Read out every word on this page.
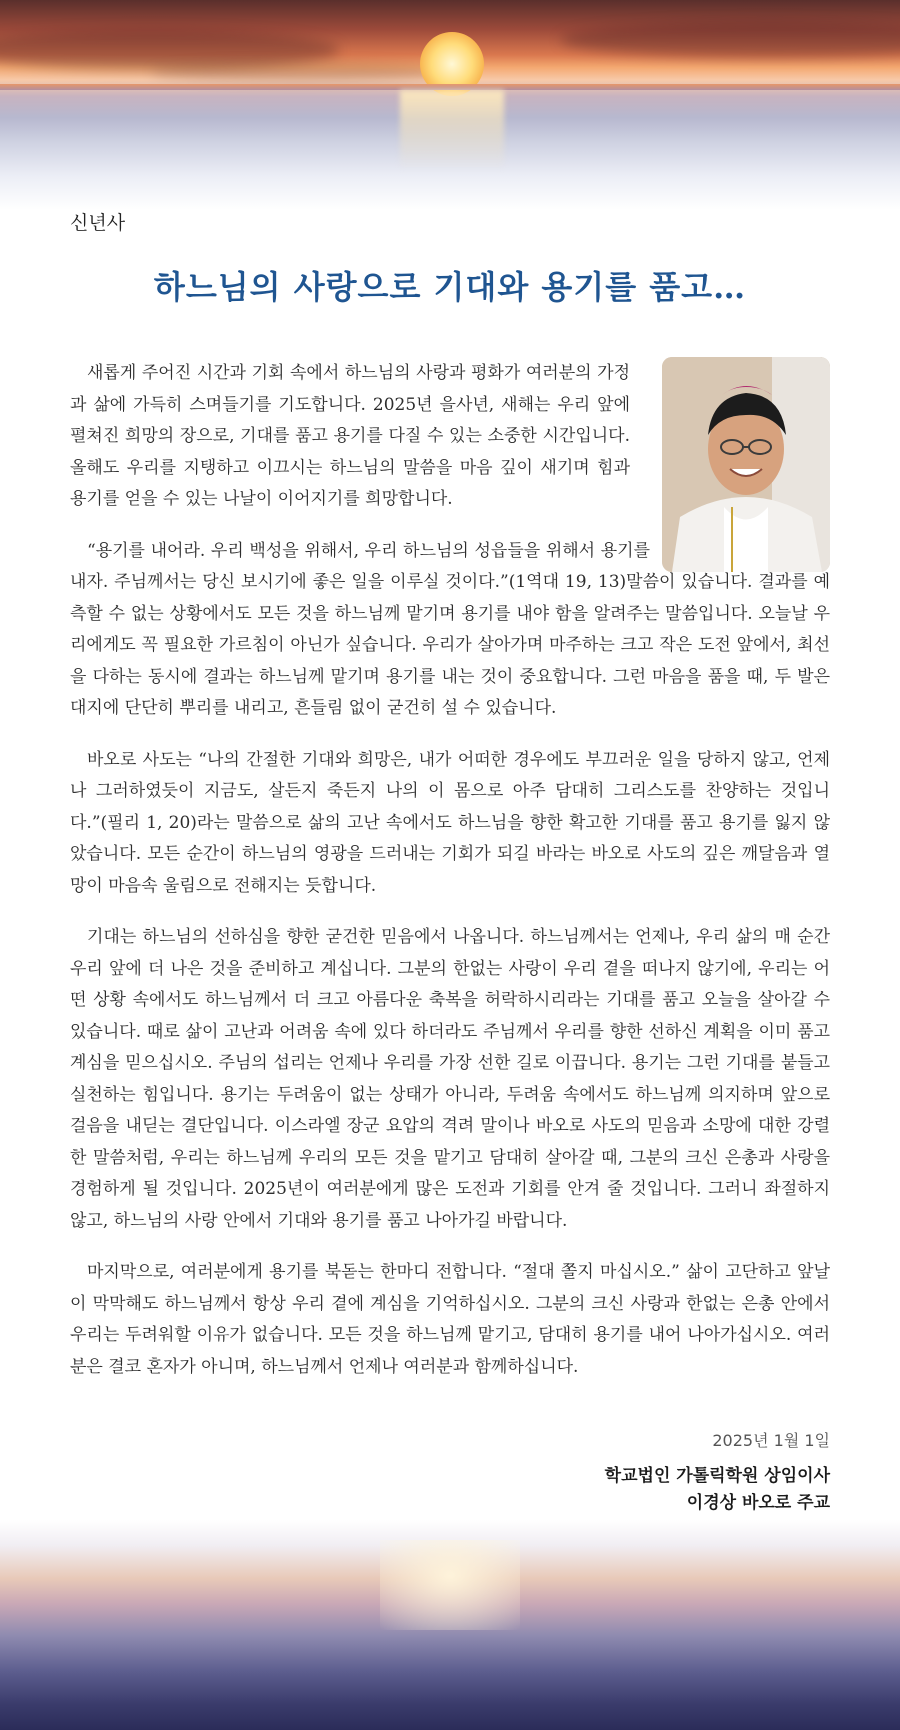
신년사
하느님의 사랑으로 기대와 용기를 품고…

새롭게 주어진 시간과 기회 속에서 하느님의 사랑과 평화가 여러분의 가정과 삶에 가득히 스며들기를 기도합니다. 2025년 을사년, 새해는 우리 앞에 펼쳐진 희망의 장으로, 기대를 품고 용기를 다질 수 있는 소중한 시간입니다. 올해도 우리를 지탱하고 이끄시는 하느님의 말씀을 마음 깊이 새기며 힘과 용기를 얻을 수 있는 나날이 이어지기를 희망합니다.

“용기를 내어라. 우리 백성을 위해서, 우리 하느님의 성읍들을 위해서 용기를 내자. 주님께서는 당신 보시기에 좋은 일을 이루실 것이다.”(1역대 19, 13)말씀이 있습니다. 결과를 예측할 수 없는 상황에서도 모든 것을 하느님께 맡기며 용기를 내야 함을 알려주는 말씀입니다. 오늘날 우리에게도 꼭 필요한 가르침이 아닌가 싶습니다. 우리가 살아가며 마주하는 크고 작은 도전 앞에서, 최선을 다하는 동시에 결과는 하느님께 맡기며 용기를 내는 것이 중요합니다. 그런 마음을 품을 때, 두 발은 대지에 단단히 뿌리를 내리고, 흔들림 없이 굳건히 설 수 있습니다.

바오로 사도는 “나의 간절한 기대와 희망은, 내가 어떠한 경우에도 부끄러운 일을 당하지 않고, 언제나 그러하였듯이 지금도, 살든지 죽든지 나의 이 몸으로 아주 담대히 그리스도를 찬양하는 것입니다.”(필리 1, 20)라는 말씀으로 삶의 고난 속에서도 하느님을 향한 확고한 기대를 품고 용기를 잃지 않았습니다. 모든 순간이 하느님의 영광을 드러내는 기회가 되길 바라는 바오로 사도의 깊은 깨달음과 열망이 마음속 울림으로 전해지는 듯합니다.

기대는 하느님의 선하심을 향한 굳건한 믿음에서 나옵니다. 하느님께서는 언제나, 우리 삶의 매 순간 우리 앞에 더 나은 것을 준비하고 계십니다. 그분의 한없는 사랑이 우리 곁을 떠나지 않기에, 우리는 어떤 상황 속에서도 하느님께서 더 크고 아름다운 축복을 허락하시리라는 기대를 품고 오늘을 살아갈 수 있습니다. 때로 삶이 고난과 어려움 속에 있다 하더라도 주님께서 우리를 향한 선하신 계획을 이미 품고 계심을 믿으십시오. 주님의 섭리는 언제나 우리를 가장 선한 길로 이끕니다. 용기는 그런 기대를 붙들고 실천하는 힘입니다. 용기는 두려움이 없는 상태가 아니라, 두려움 속에서도 하느님께 의지하며 앞으로 걸음을 내딛는 결단입니다. 이스라엘 장군 요압의 격려 말이나 바오로 사도의 믿음과 소망에 대한 강렬한 말씀처럼, 우리는 하느님께 우리의 모든 것을 맡기고 담대히 살아갈 때, 그분의 크신 은총과 사랑을 경험하게 될 것입니다. 2025년이 여러분에게 많은 도전과 기회를 안겨 줄 것입니다. 그러니 좌절하지 않고, 하느님의 사랑 안에서 기대와 용기를 품고 나아가길 바랍니다.

마지막으로, 여러분에게 용기를 북돋는 한마디 전합니다. “절대 쫄지 마십시오.” 삶이 고단하고 앞날이 막막해도 하느님께서 항상 우리 곁에 계심을 기억하십시오. 그분의 크신 사랑과 한없는 은총 안에서 우리는 두려워할 이유가 없습니다. 모든 것을 하느님께 맡기고, 담대히 용기를 내어 나아가십시오. 여러분은 결코 혼자가 아니며, 하느님께서 언제나 여러분과 함께하십니다.

2025년 1월 1일
학교법인 가톨릭학원 상임이사
이경상 바오로 주교
